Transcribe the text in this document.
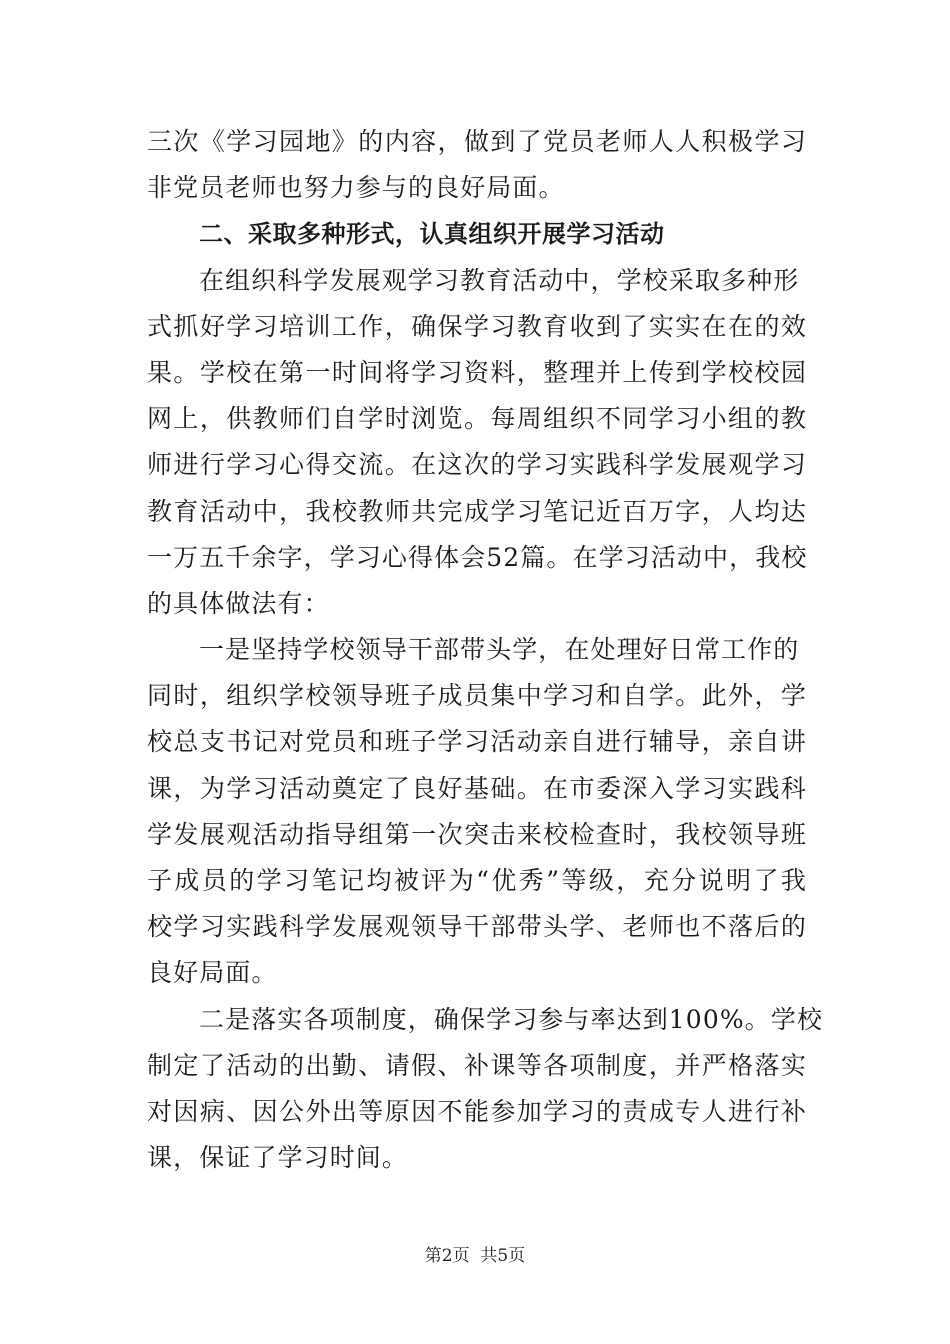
三次《学习园地》的内容，做到了党员老师人人积极学习
非党员老师也努力参与的良好局面。
二、采取多种形式，认真组织开展学习活动
在组织科学发展观学习教育活动中，学校采取多种形
式抓好学习培训工作，确保学习教育收到了实实在在的效
果。学校在第一时间将学习资料，整理并上传到学校校园
网上，供教师们自学时浏览。每周组织不同学习小组的教
师进行学习心得交流。在这次的学习实践科学发展观学习
教育活动中，我校教师共完成学习笔记近百万字，人均达
一万五千余字，学习心得体会52篇。在学习活动中，我校
的具体做法有：
一是坚持学校领导干部带头学，在处理好日常工作的
同时，组织学校领导班子成员集中学习和自学。此外，学
校总支书记对党员和班子学习活动亲自进行辅导，亲自讲
课，为学习活动奠定了良好基础。在市委深入学习实践科
学发展观活动指导组第一次突击来校检查时，我校领导班
子成员的学习笔记均被评为“优秀”等级，充分说明了我
校学习实践科学发展观领导干部带头学、老师也不落后的
良好局面。
二是落实各项制度，确保学习参与率达到100%。学校
制定了活动的出勤、请假、补课等各项制度，并严格落实
对因病、因公外出等原因不能参加学习的责成专人进行补
课，保证了学习时间。
第2页  共5页
